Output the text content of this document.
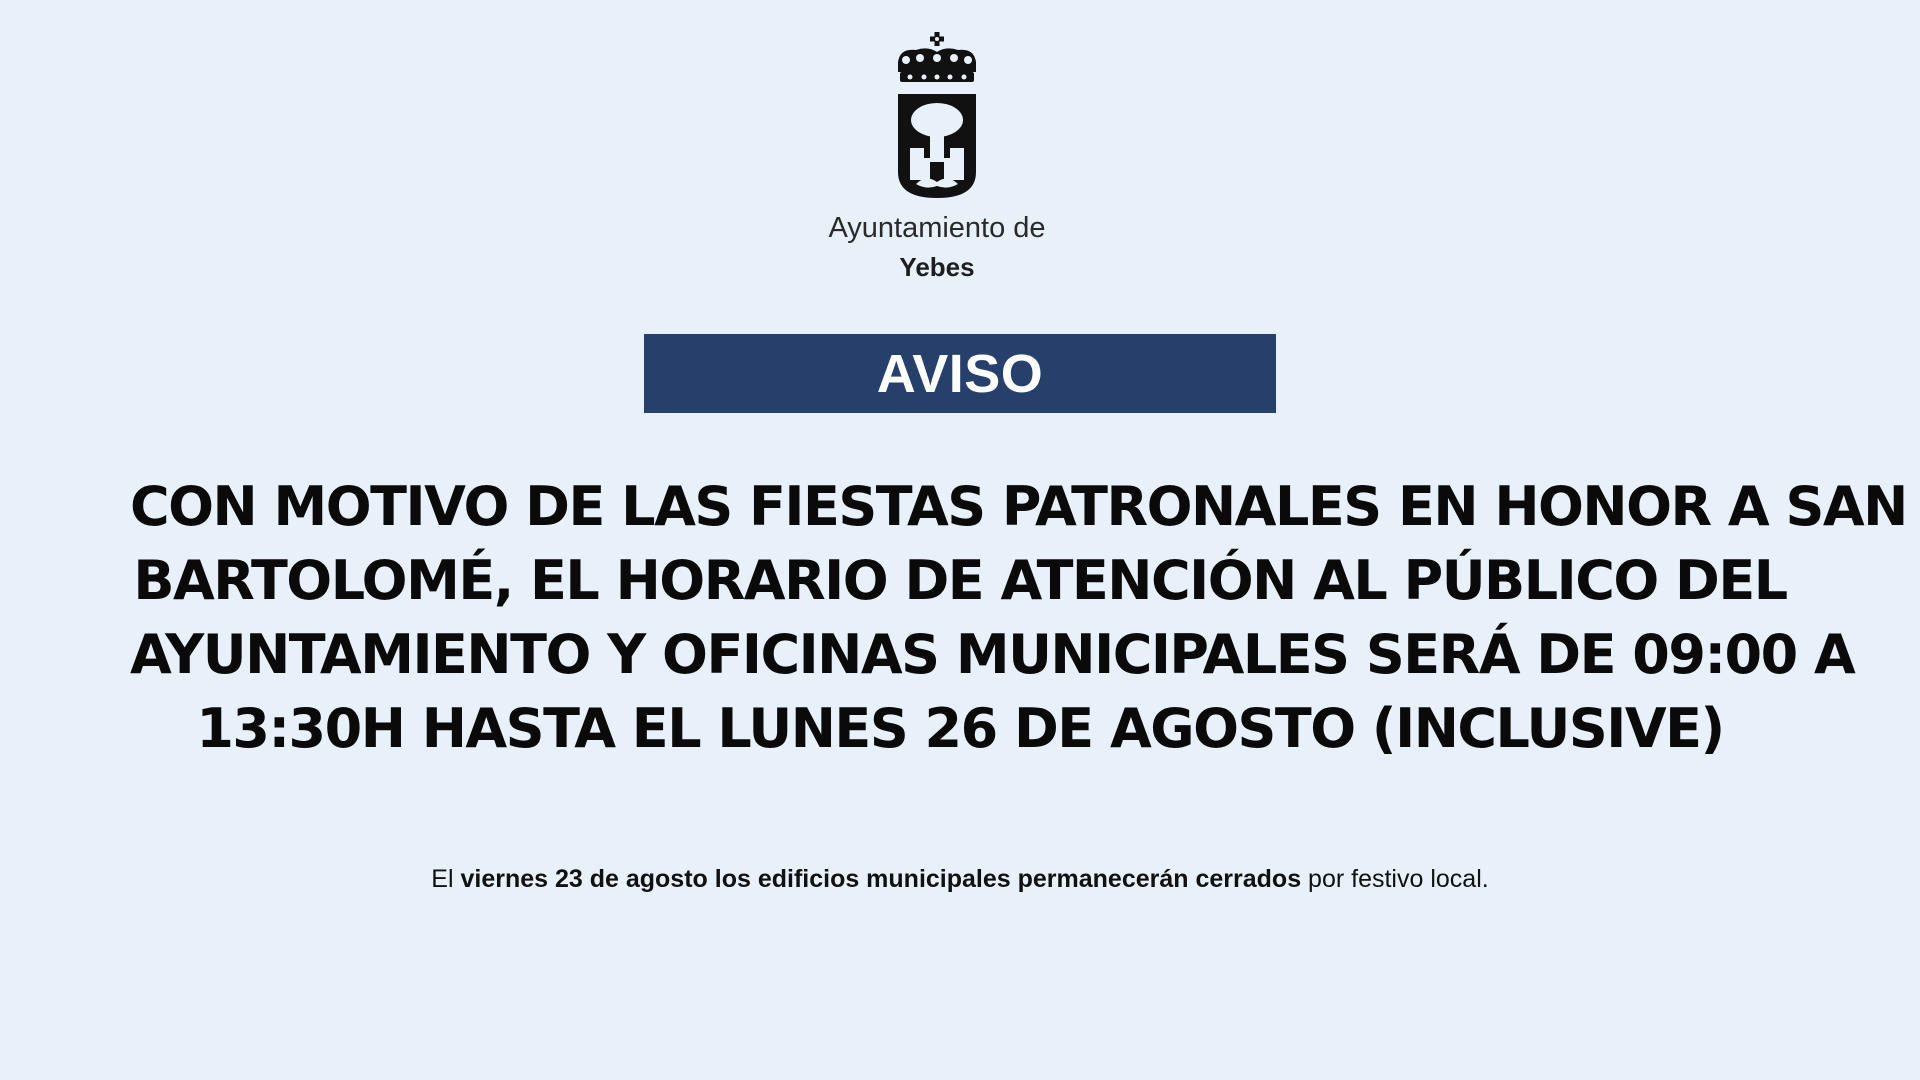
Ayuntamiento de
Yebes
AVISO
CON MOTIVO DE LAS FIESTAS PATRONALES EN HONOR A SAN
BARTOLOMÉ, EL HORARIO DE ATENCIÓN AL PÚBLICO DEL
AYUNTAMIENTO Y OFICINAS MUNICIPALES SERÁ DE 09:00 A
13:30H HASTA EL LUNES 26 DE AGOSTO (INCLUSIVE)
El viernes 23 de agosto los edificios municipales permanecerán cerrados por festivo local.
